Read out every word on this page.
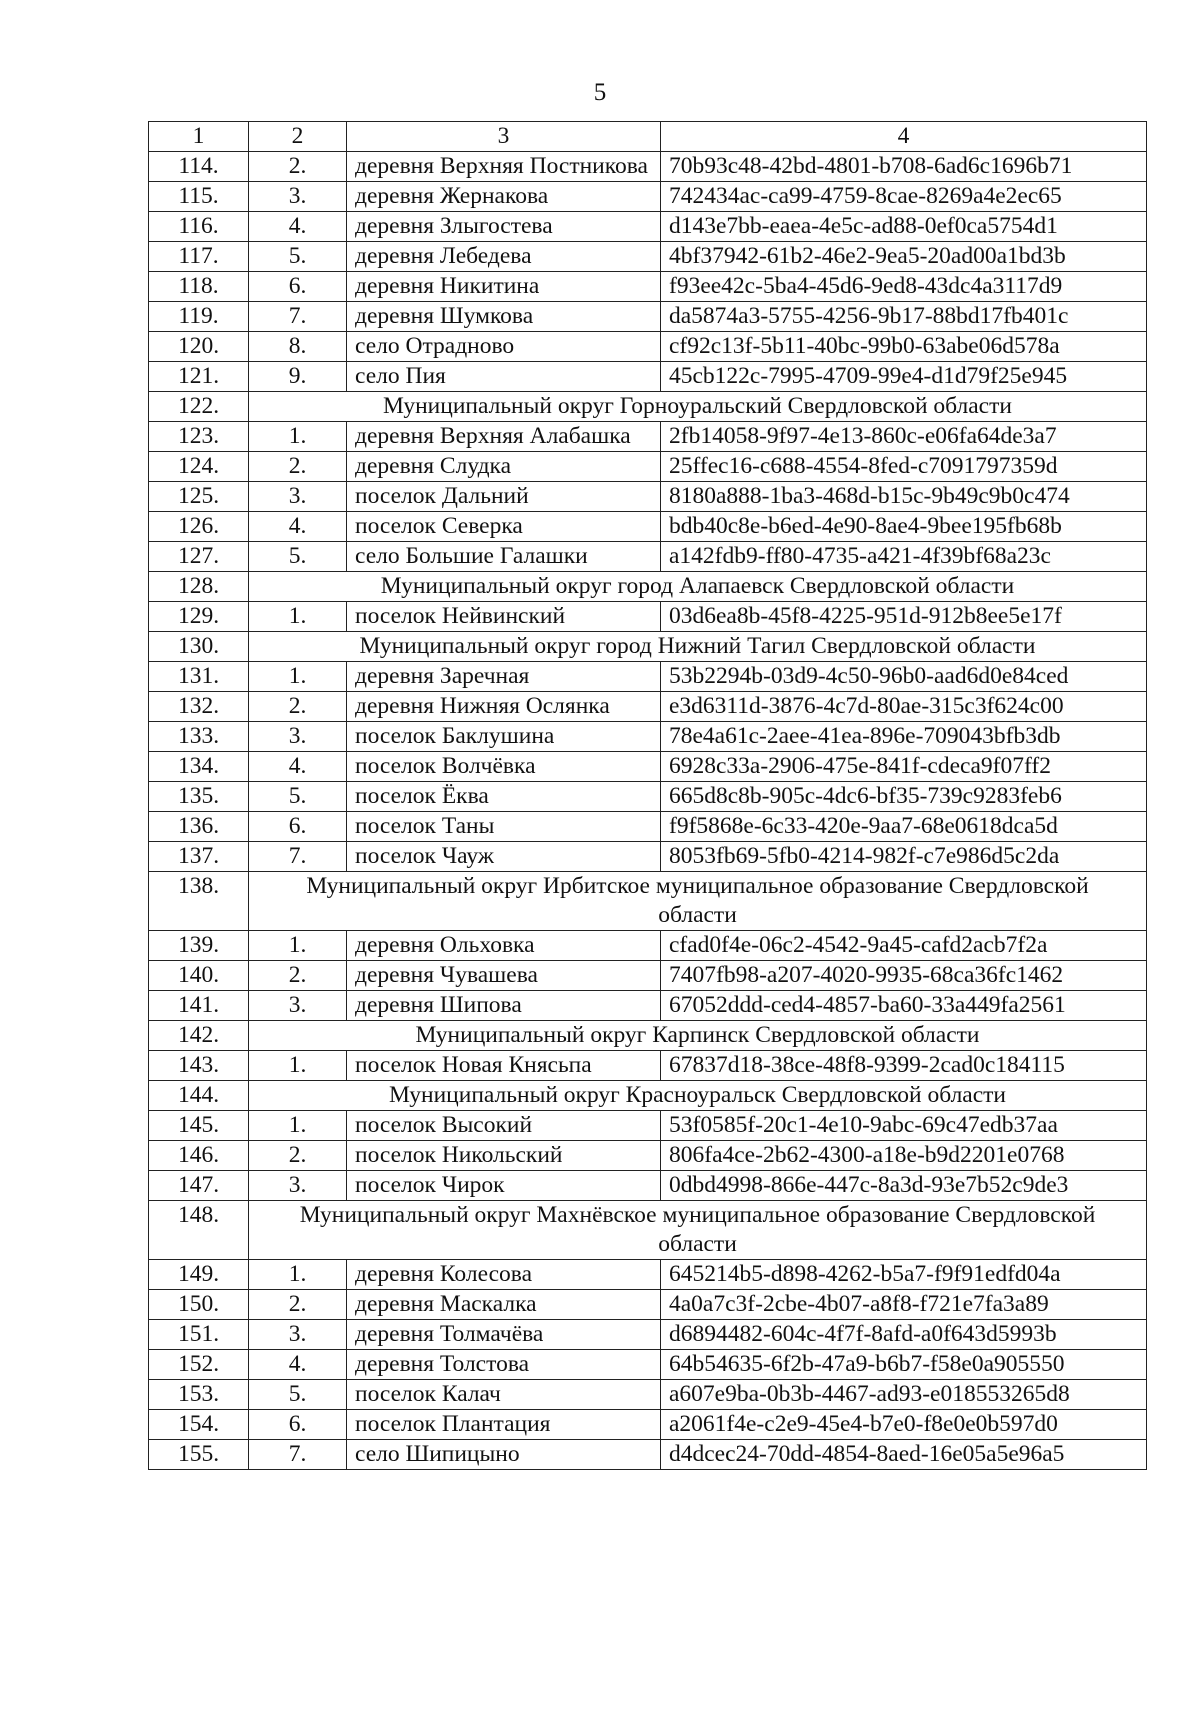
5
1	2	3	4
114.	2.	деревня Верхняя Постникова	70b93c48-42bd-4801-b708-6ad6c1696b71
115.	3.	деревня Жернакова	742434ac-ca99-4759-8cae-8269a4e2ec65
116.	4.	деревня Злыгостева	d143e7bb-eaea-4e5c-ad88-0ef0ca5754d1
117.	5.	деревня Лебедева	4bf37942-61b2-46e2-9ea5-20ad00a1bd3b
118.	6.	деревня Никитина	f93ee42c-5ba4-45d6-9ed8-43dc4a3117d9
119.	7.	деревня Шумкова	da5874a3-5755-4256-9b17-88bd17fb401c
120.	8.	село Отрадново	cf92c13f-5b11-40bc-99b0-63abe06d578a
121.	9.	село Пия	45cb122c-7995-4709-99e4-d1d79f25e945
122.	Муниципальный округ Горноуральский Свердловской области		
123.	1.	деревня Верхняя Алабашка	2fb14058-9f97-4e13-860c-e06fa64de3a7
124.	2.	деревня Слудка	25ffec16-c688-4554-8fed-c7091797359d
125.	3.	поселок Дальний	8180a888-1ba3-468d-b15c-9b49c9b0c474
126.	4.	поселок Северка	bdb40c8e-b6ed-4e90-8ae4-9bee195fb68b
127.	5.	село Большие Галашки	a142fdb9-ff80-4735-a421-4f39bf68a23c
128.	Муниципальный округ город Алапаевск Свердловской области		
129.	1.	поселок Нейвинский	03d6ea8b-45f8-4225-951d-912b8ee5e17f
130.	Муниципальный округ город Нижний Тагил Свердловской области		
131.	1.	деревня Заречная	53b2294b-03d9-4c50-96b0-aad6d0e84ced
132.	2.	деревня Нижняя Ослянка	e3d6311d-3876-4c7d-80ae-315c3f624c00
133.	3.	поселок Баклушина	78e4a61c-2aee-41ea-896e-709043bfb3db
134.	4.	поселок Волчёвка	6928c33a-2906-475e-841f-cdeca9f07ff2
135.	5.	поселок Ёква	665d8c8b-905c-4dc6-bf35-739c9283feb6
136.	6.	поселок Таны	f9f5868e-6c33-420e-9aa7-68e0618dca5d
137.	7.	поселок Чауж	8053fb69-5fb0-4214-982f-c7e986d5c2da
138.	Муниципальный округ Ирбитское муниципальное образование Свердловской области		
139.	1.	деревня Ольховка	cfad0f4e-06c2-4542-9a45-cafd2acb7f2a
140.	2.	деревня Чувашева	7407fb98-a207-4020-9935-68ca36fc1462
141.	3.	деревня Шипова	67052ddd-ced4-4857-ba60-33a449fa2561
142.	Муниципальный округ Карпинск Свердловской области		
143.	1.	поселок Новая Княсьпа	67837d18-38ce-48f8-9399-2cad0c184115
144.	Муниципальный округ Красноуральск Свердловской области		
145.	1.	поселок Высокий	53f0585f-20c1-4e10-9abc-69c47edb37aa
146.	2.	поселок Никольский	806fa4ce-2b62-4300-a18e-b9d2201e0768
147.	3.	поселок Чирок	0dbd4998-866e-447c-8a3d-93e7b52c9de3
148.	Муниципальный округ Махнёвское муниципальное образование Свердловской области		
149.	1.	деревня Колесова	645214b5-d898-4262-b5a7-f9f91edfd04a
150.	2.	деревня Маскалка	4a0a7c3f-2cbe-4b07-a8f8-f721e7fa3a89
151.	3.	деревня Толмачёва	d6894482-604c-4f7f-8afd-a0f643d5993b
152.	4.	деревня Толстова	64b54635-6f2b-47a9-b6b7-f58e0a905550
153.	5.	поселок Калач	a607e9ba-0b3b-4467-ad93-e018553265d8
154.	6.	поселок Плантация	a2061f4e-c2e9-45e4-b7e0-f8e0e0b597d0
155.	7.	село Шипицыно	d4dcec24-70dd-4854-8aed-16e05a5e96a5
